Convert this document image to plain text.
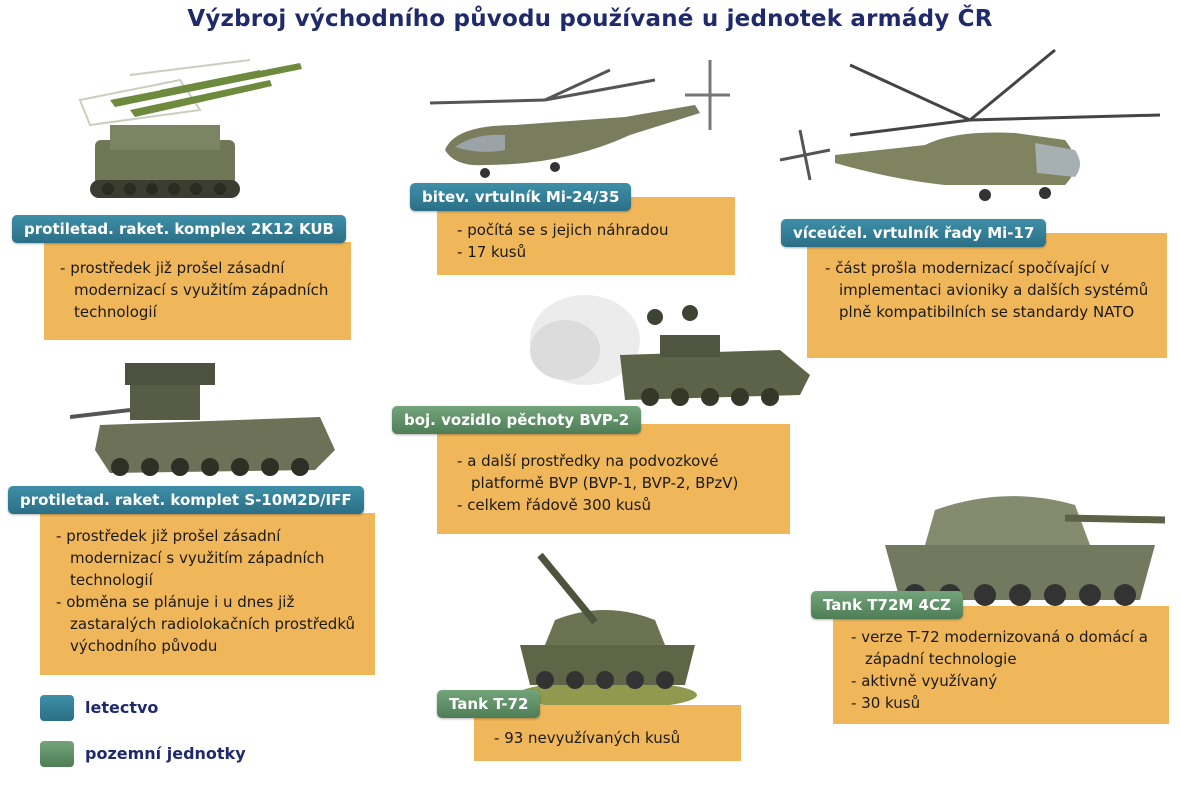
Výzbroj východního původu používané u jednotek armády ČR
- prostředek již prošel zásadní modernizací s využitím západních technologií
protiletad. raket. komplex 2K12 KUB
-	počítá se s jejich náhradou
- 17 kusů
bitev. vrtulník Mi-24/35
- část prošla modernizací spočívající v implementaci avioniky a dalších systémů plně kompatibilních se standardy NATO
víceúčel. vrtulník řady Mi-17
- a další prostředky na podvozkové platformě BVP (BVP-1, BVP-2, BPzV)
- celkem řádově 300 kusů
boj. vozidlo pěchoty BVP-2
- prostředek již prošel zásadní modernizací s využitím západních technologií
- obměna se plánuje i u dnes již zastaralých radiolokačních prostředků východního původu
protiletad. raket. komplet S-10M2D/IFF
- 93 nevyužívaných kusů
Tank T-72
- verze T-72 modernizovaná o domácí a západní technologie
- aktivně využívaný
- 30 kusů
Tank T72M 4CZ
letectvo
pozemní jednotky
